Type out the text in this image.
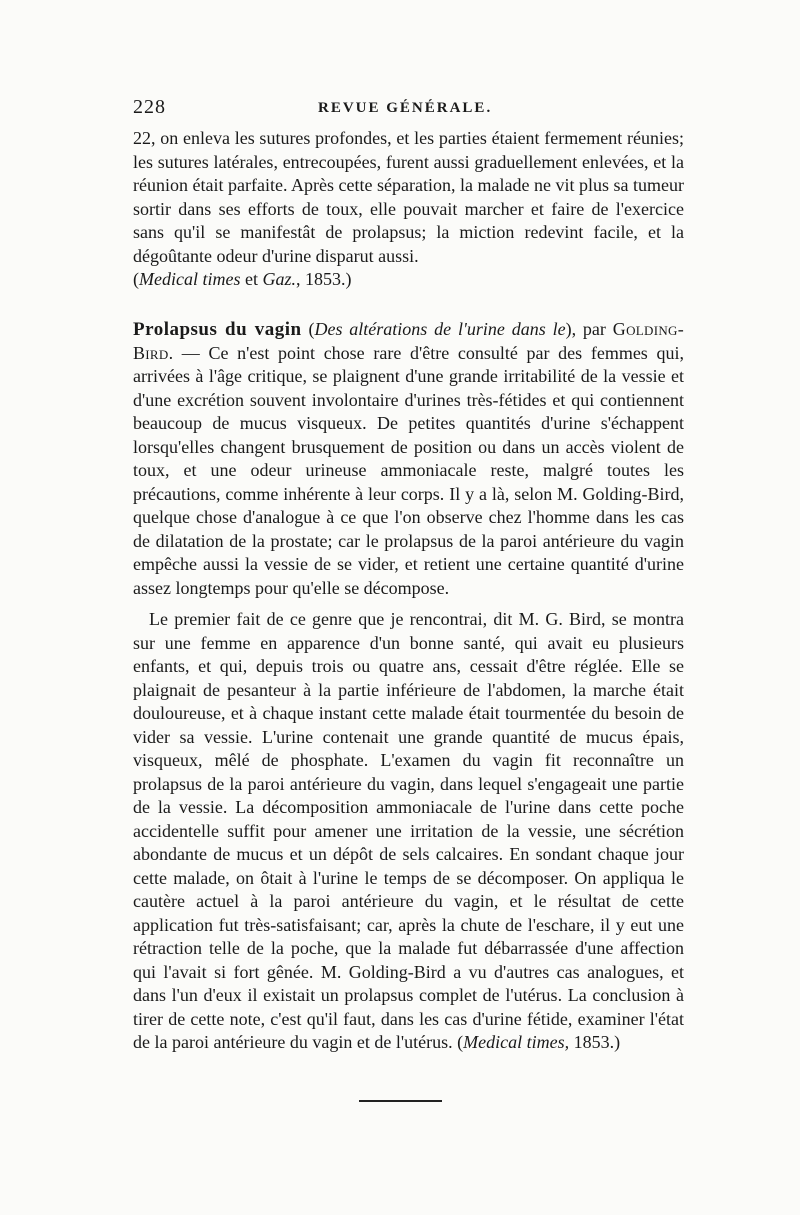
228	REVUE GÉNÉRALE.

22, on enleva les sutures profondes, et les parties étaient fermement réunies; les sutures latérales, entrecoupées, furent aussi graduellement enlevées, et la réunion était parfaite. Après cette séparation, la malade ne vit plus sa tumeur sortir dans ses efforts de toux, elle pouvait marcher et faire de l'exercice sans qu'il se manifestât de prolapsus; la miction redevint facile, et la dégoûtante odeur d'urine disparut aussi.
(Medical times et Gaz., 1853.)

Prolapsus du vagin (Des altérations de l'urine dans le), par Golding-Bird. — Ce n'est point chose rare d'être consulté par des femmes qui, arrivées à l'âge critique, se plaignent d'une grande irritabilité de la vessie et d'une excrétion souvent involontaire d'urines très-fétides et qui contiennent beaucoup de mucus visqueux. De petites quantités d'urine s'échappent lorsqu'elles changent brusquement de position ou dans un accès violent de toux, et une odeur urineuse ammoniacale reste, malgré toutes les précautions, comme inhérente à leur corps. Il y a là, selon M. Golding-Bird, quelque chose d'analogue à ce que l'on observe chez l'homme dans les cas de dilatation de la prostate; car le prolapsus de la paroi antérieure du vagin empêche aussi la vessie de se vider, et retient une certaine quantité d'urine assez longtemps pour qu'elle se décompose.

Le premier fait de ce genre que je rencontrai, dit M. G. Bird, se montra sur une femme en apparence d'un bonne santé, qui avait eu plusieurs enfants, et qui, depuis trois ou quatre ans, cessait d'être réglée. Elle se plaignait de pesanteur à la partie inférieure de l'abdomen, la marche était douloureuse, et à chaque instant cette malade était tourmentée du besoin de vider sa vessie. L'urine contenait une grande quantité de mucus épais, visqueux, mêlé de phosphate. L'examen du vagin fit reconnaître un prolapsus de la paroi antérieure du vagin, dans lequel s'engageait une partie de la vessie. La décomposition ammoniacale de l'urine dans cette poche accidentelle suffit pour amener une irritation de la vessie, une sécrétion abondante de mucus et un dépôt de sels calcaires. En sondant chaque jour cette malade, on ôtait à l'urine le temps de se décomposer. On appliqua le cautère actuel à la paroi antérieure du vagin, et le résultat de cette application fut très-satisfaisant; car, après la chute de l'eschare, il y eut une rétraction telle de la poche, que la malade fut débarrassée d'une affection qui l'avait si fort gênée. M. Golding-Bird a vu d'autres cas analogues, et dans l'un d'eux il existait un prolapsus complet de l'utérus. La conclusion à tirer de cette note, c'est qu'il faut, dans les cas d'urine fétide, examiner l'état de la paroi antérieure du vagin et de l'utérus. (Medical times, 1853.)
